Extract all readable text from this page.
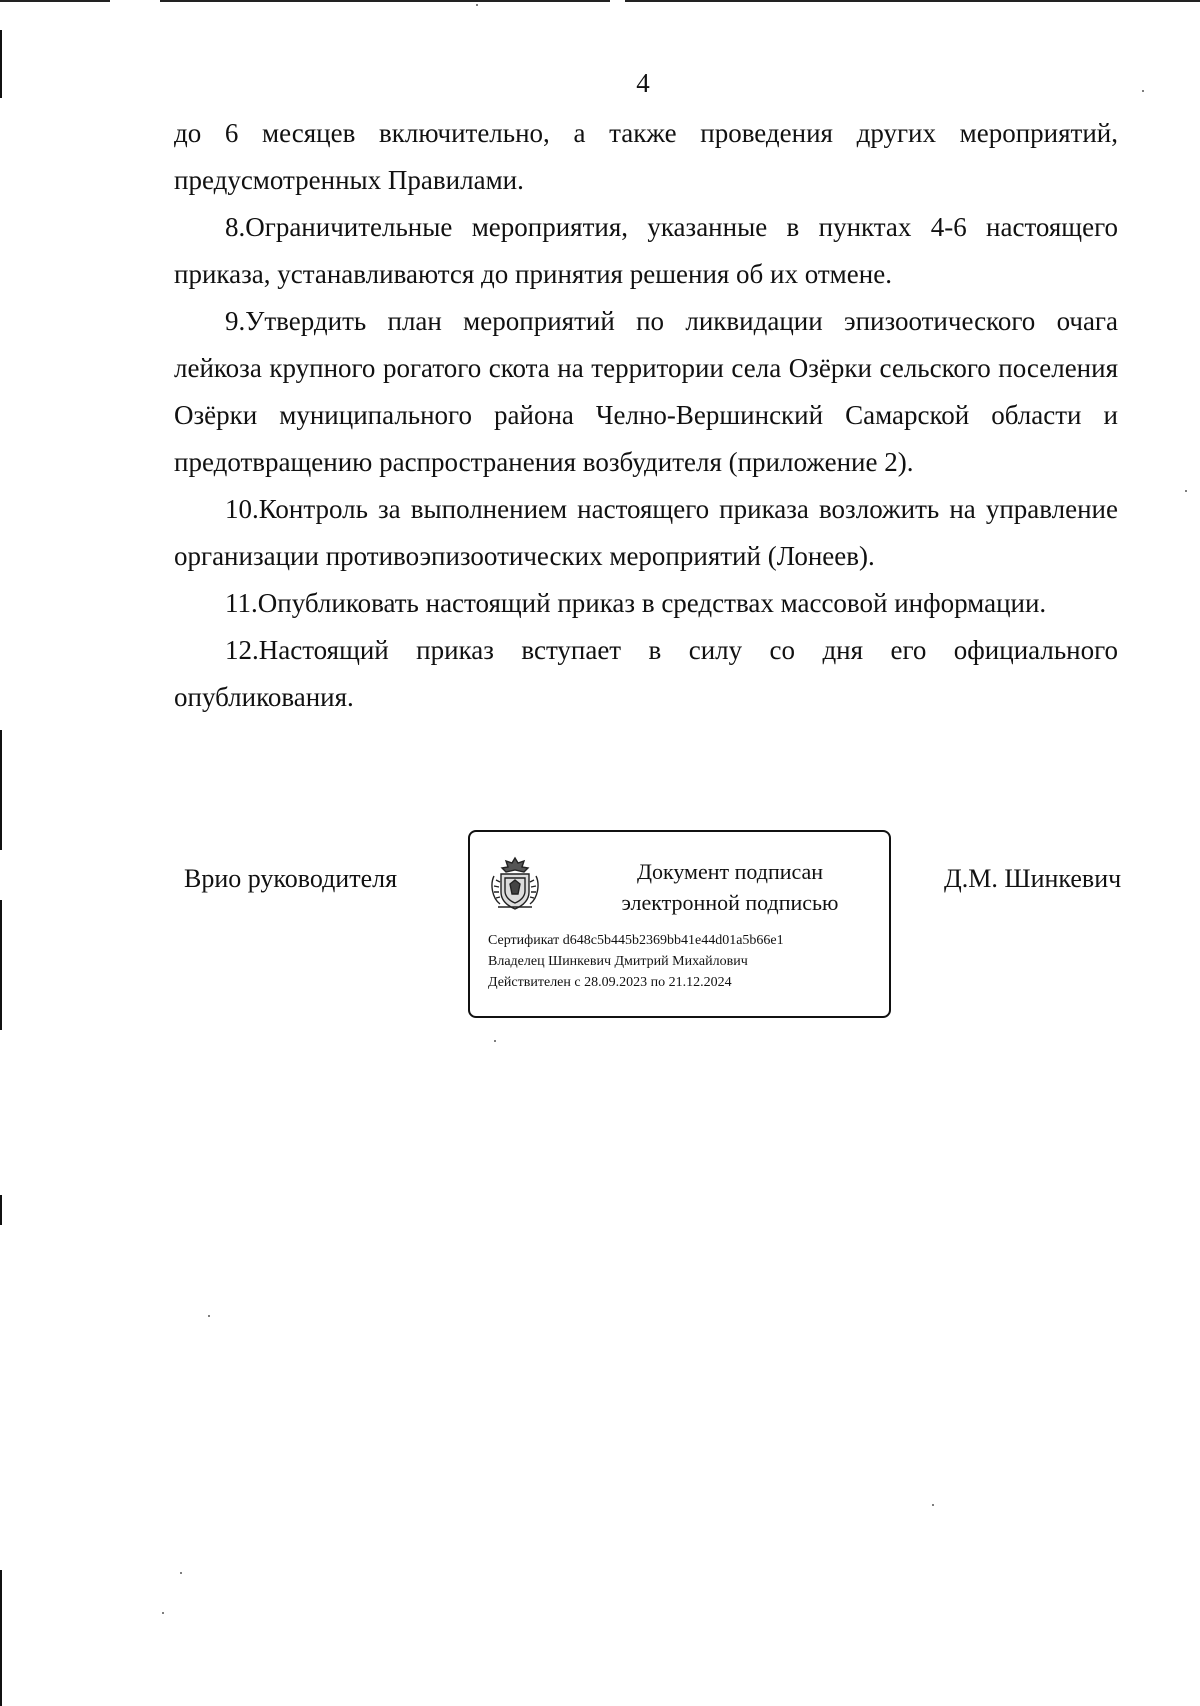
4

до 6 месяцев включительно, а также проведения других мероприятий, предусмотренных Правилами.

8.Ограничительные мероприятия, указанные в пунктах 4-6 настоящего приказа, устанавливаются до принятия решения об их отмене.

9.Утвердить план мероприятий по ликвидации эпизоотического очага лейкоза крупного рогатого скота на территории села Озёрки сельского поселения Озёрки муниципального района Челно-Вершинский Самарской области и предотвращению распространения возбудителя (приложение 2).

10.Контроль за выполнением настоящего приказа возложить на управление организации противоэпизоотических мероприятий (Лонеев).

11.Опубликовать настоящий приказ в средствах массовой информации.

12.Настоящий приказ вступает в силу со дня его официального опубликования.

Врио руководителя	Документ подписан
электронной подписью
Сертификат d648c5b445b2369bb41e44d01a5b66e1
Владелец Шинкевич Дмитрий Михайлович
Действителен с 28.09.2023 по 21.12.2024
Д.М. Шинкевич
